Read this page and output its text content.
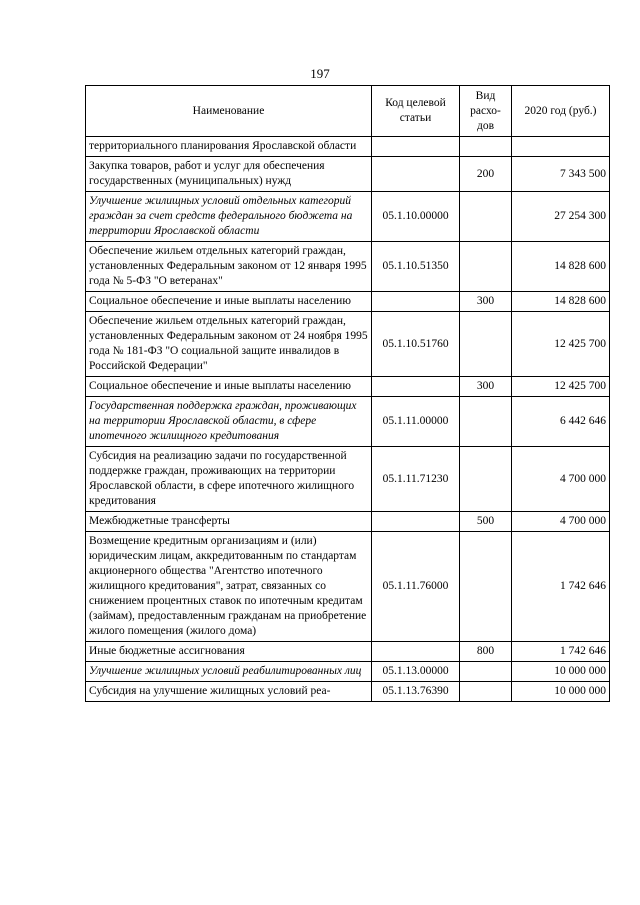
197
Наименование	Код целевой статьи	Вид расхо-дов	2020 год (руб.)
территориального планирования Ярославской области			
Закупка товаров, работ и услуг для обеспечения государственных (муниципальных) нужд		200	7 343 500
Улучшение жилищных условий отдельных категорий граждан за счет средств федерального бюджета на территории Ярославской области	05.1.10.00000		27 254 300
Обеспечение жильем отдельных категорий граждан, установленных Федеральным законом от 12 января 1995 года № 5-ФЗ "О ветеранах"	05.1.10.51350		14 828 600
Социальное обеспечение и иные выплаты населению		300	14 828 600
Обеспечение жильем отдельных категорий граждан, установленных Федеральным законом от 24 ноября 1995 года № 181-ФЗ "О социальной защите инвалидов в Российской Федерации"	05.1.10.51760		12 425 700
Социальное обеспечение и иные выплаты населению		300	12 425 700
Государственная поддержка граждан, проживающих на территории Ярославской области, в сфере ипотечного жилищного кредитования	05.1.11.00000		6 442 646
Субсидия на реализацию задачи по государственной поддержке граждан, проживающих на территории Ярославской области, в сфере ипотечного жилищного кредитования	05.1.11.71230		4 700 000
Межбюджетные трансферты		500	4 700 000
Возмещение кредитным организациям и (или) юридическим лицам, аккредитованным по стандартам акционерного общества "Агентство ипотечного жилищного кредитования", затрат, связанных со снижением процентных ставок по ипотечным кредитам (займам), предоставленным гражданам на приобретение жилого помещения (жилого дома)	05.1.11.76000		1 742 646
Иные бюджетные ассигнования		800	1 742 646
Улучшение жилищных условий реабилитированных лиц	05.1.13.00000		10 000 000
Субсидия на улучшение жилищных условий реа-	05.1.13.76390		10 000 000
